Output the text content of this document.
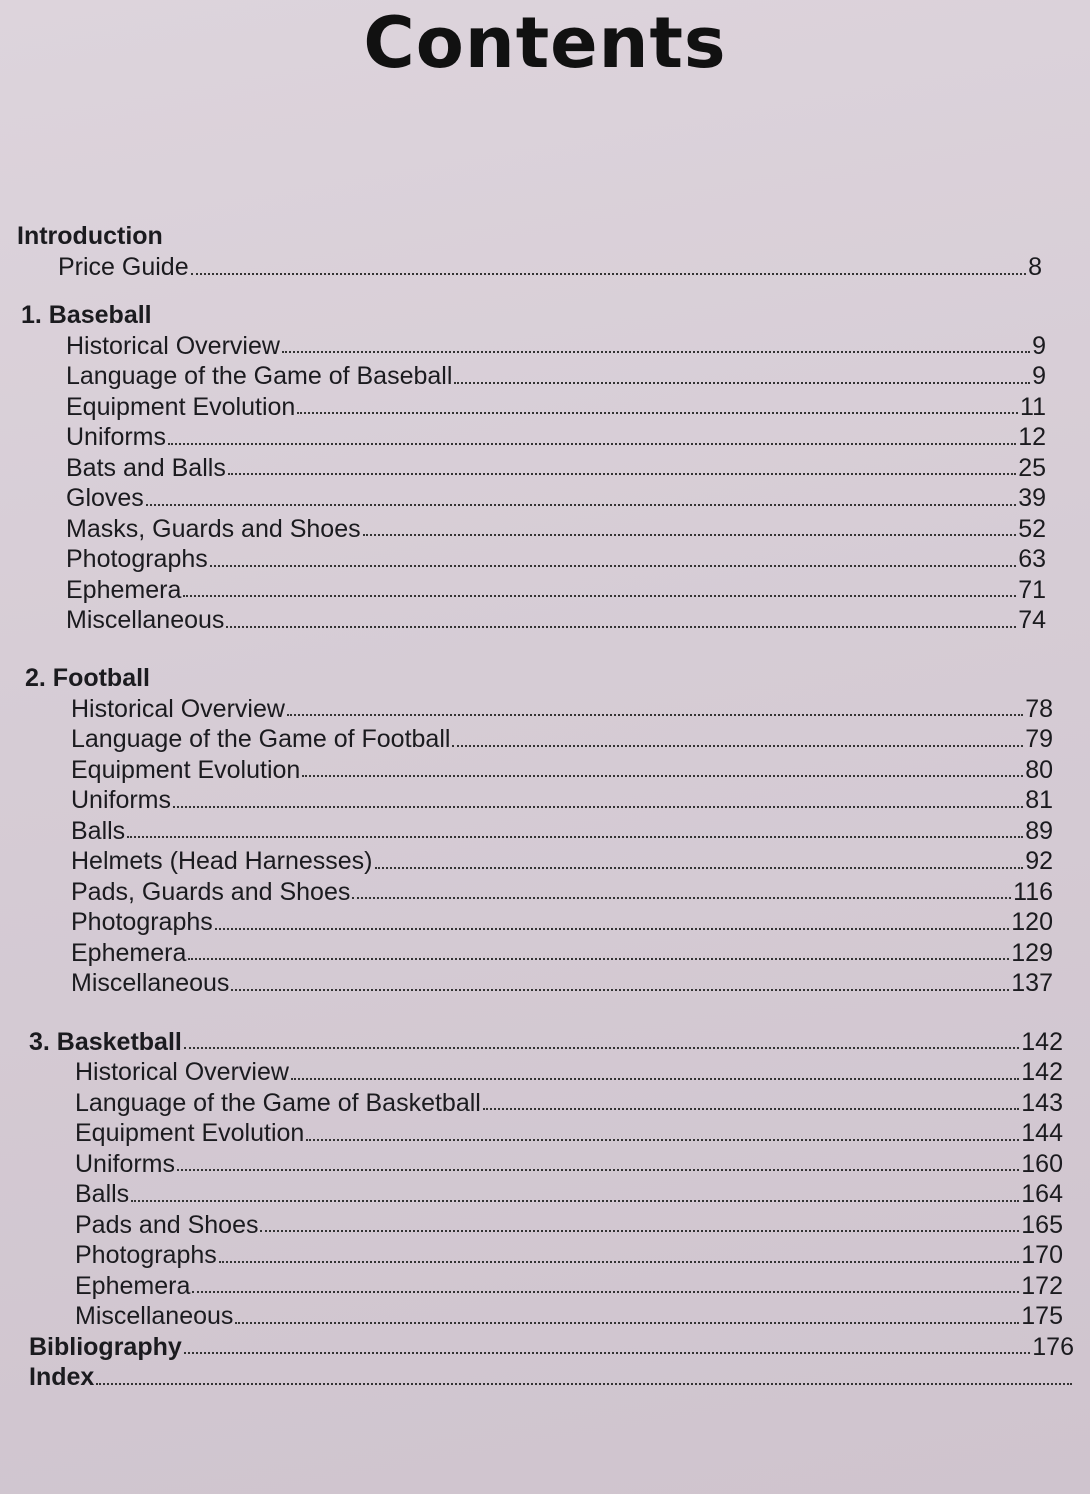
Contents
Introduction
Price Guide	8
1. Baseball
Historical Overview	9
Language of the Game of Baseball	9
Equipment Evolution	11
Uniforms	12
Bats and Balls	25
Gloves	39
Masks, Guards and Shoes	52
Photographs	63
Ephemera	71
Miscellaneous	74
2. Football
Historical Overview	78
Language of the Game of Football	79
Equipment Evolution	80
Uniforms	81
Balls	89
Helmets (Head Harnesses)	92
Pads, Guards and Shoes	116
Photographs	120
Ephemera	129
Miscellaneous	137
3. Basketball	142
Historical Overview	142
Language of the Game of Basketball	143
Equipment Evolution	144
Uniforms	160
Balls	164
Pads and Shoes	165
Photographs	170
Ephemera	172
Miscellaneous	175
Bibliography	176
Index
